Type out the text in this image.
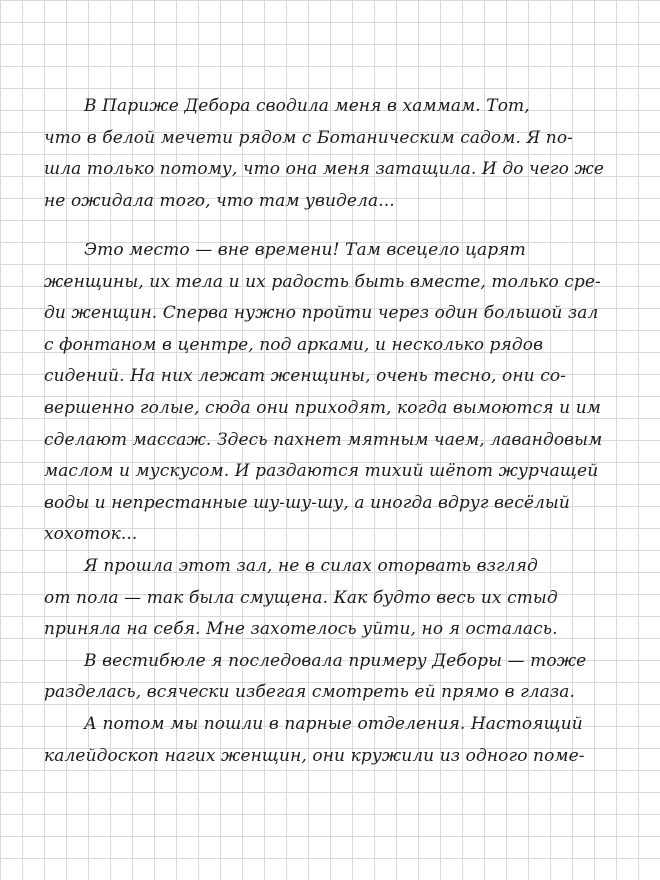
В Париже Дебора сводила меня в хаммам. Тот,
что в белой мечети рядом с Ботаническим садом. Я по-
шла только потому, что она меня затащила. И до чего же
не ожидала того, что там увидела...
Это место — вне времени! Там всецело царят
женщины, их тела и их радость быть вместе, только сре-
ди женщин. Сперва нужно пройти через один большой зал
с фонтаном в центре, под арками, и несколько рядов
сидений. На них лежат женщины, очень тесно, они со-
вершенно голые, сюда они приходят, когда вымоются и им
сделают массаж. Здесь пахнет мятным чаем, лавандовым
маслом и мускусом. И раздаются тихий шёпот журчащей
воды и непрестанные шу-шу-шу, а иногда вдруг весёлый
хохоток...
Я прошла этот зал, не в силах оторвать взгляд
от пола — так была смущена. Как будто весь их стыд
приняла на себя. Мне захотелось уйти, но я осталась.
В вестибюле я последовала примеру Деборы — тоже
разделась, всячески избегая смотреть ей прямо в глаза.
А потом мы пошли в парные отделения. Настоящий
калейдоскоп нагих женщин, они кружили из одного поме-
